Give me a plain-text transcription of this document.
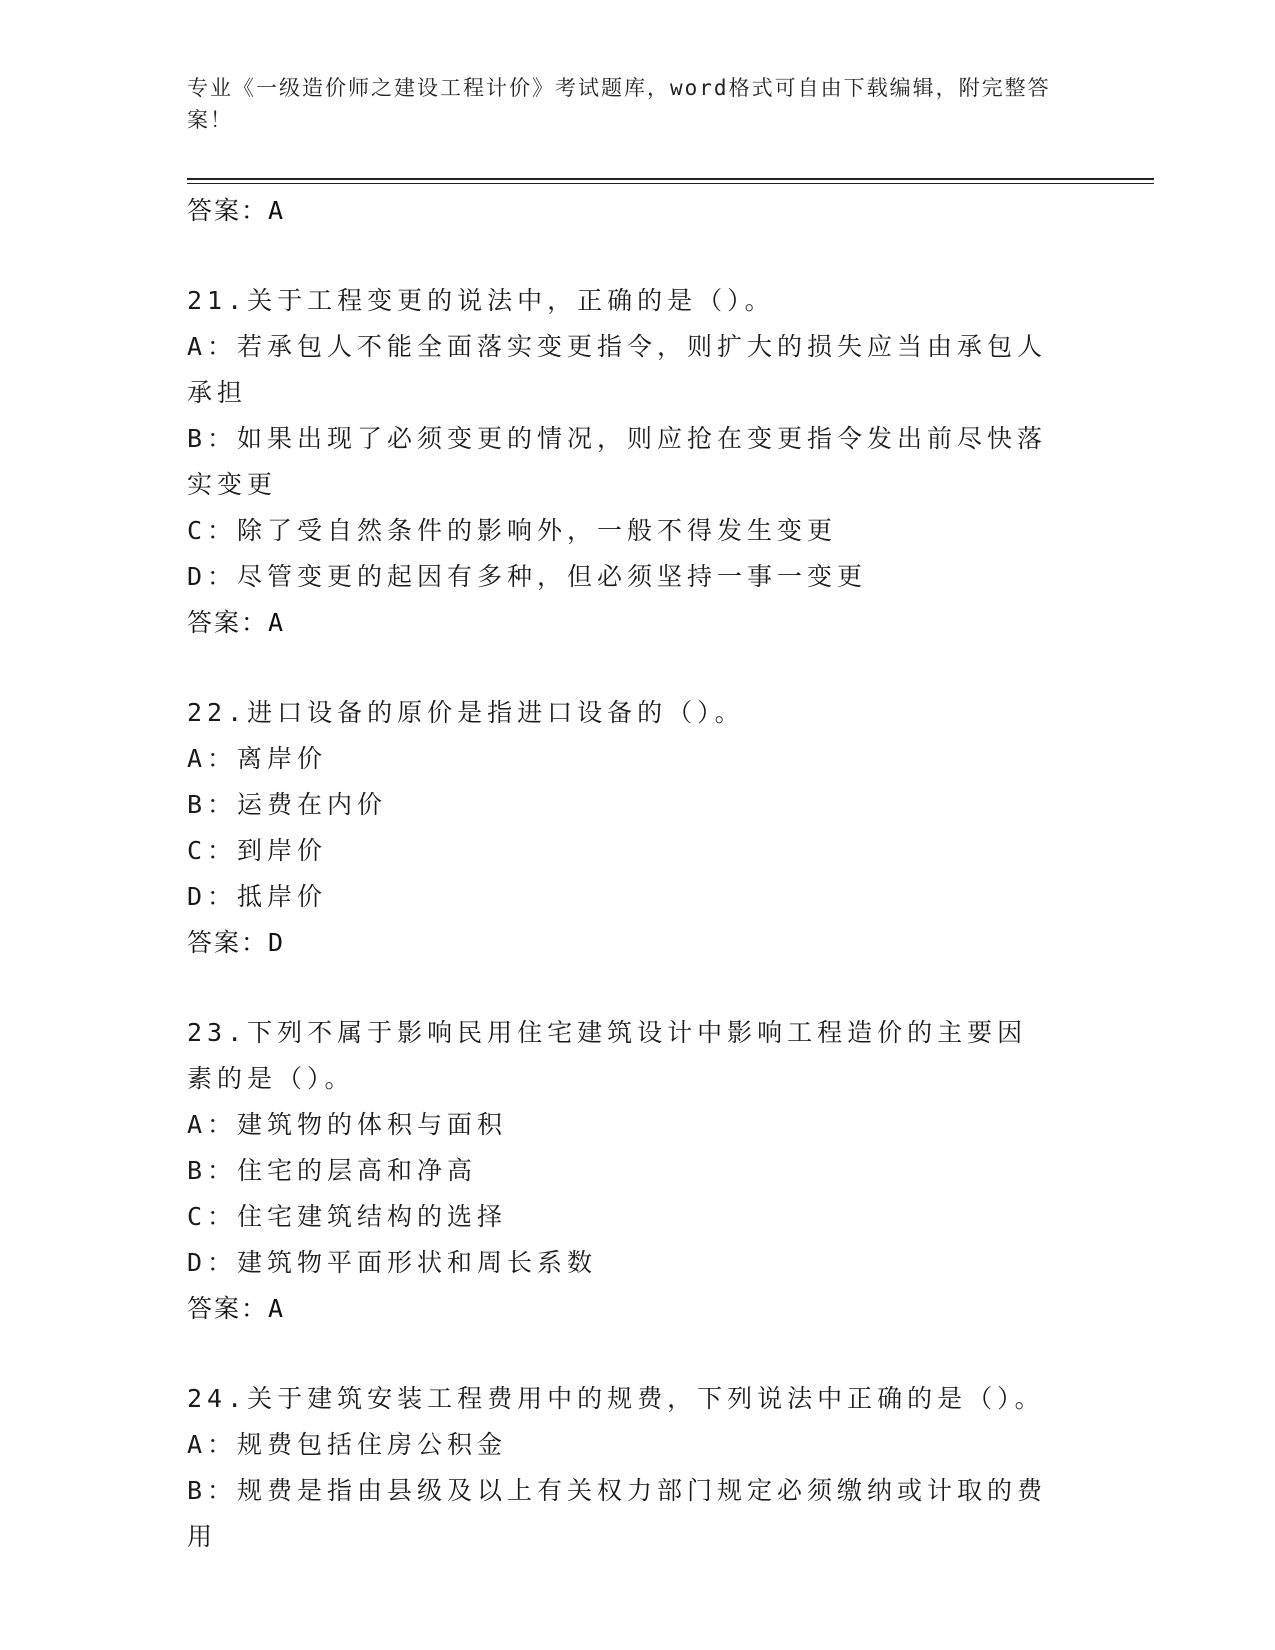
专业《一级造价师之建设工程计价》考试题库，word格式可自由下载编辑，附完整答案！
答案：A
21.关于工程变更的说法中，正确的是（）。
A：若承包人不能全面落实变更指令，则扩大的损失应当由承包人承担
B：如果出现了必须变更的情况，则应抢在变更指令发出前尽快落实变更
C：除了受自然条件的影响外，一般不得发生变更
D：尽管变更的起因有多种，但必须坚持一事一变更
答案：A
22.进口设备的原价是指进口设备的（）。
A：离岸价
B：运费在内价
C：到岸价
D：抵岸价
答案：D
23.下列不属于影响民用住宅建筑设计中影响工程造价的主要因素的是（）。
A：建筑物的体积与面积
B：住宅的层高和净高
C：住宅建筑结构的选择
D：建筑物平面形状和周长系数
答案：A
24.关于建筑安装工程费用中的规费，下列说法中正确的是（）。
A：规费包括住房公积金
B：规费是指由县级及以上有关权力部门规定必须缴纳或计取的费用
